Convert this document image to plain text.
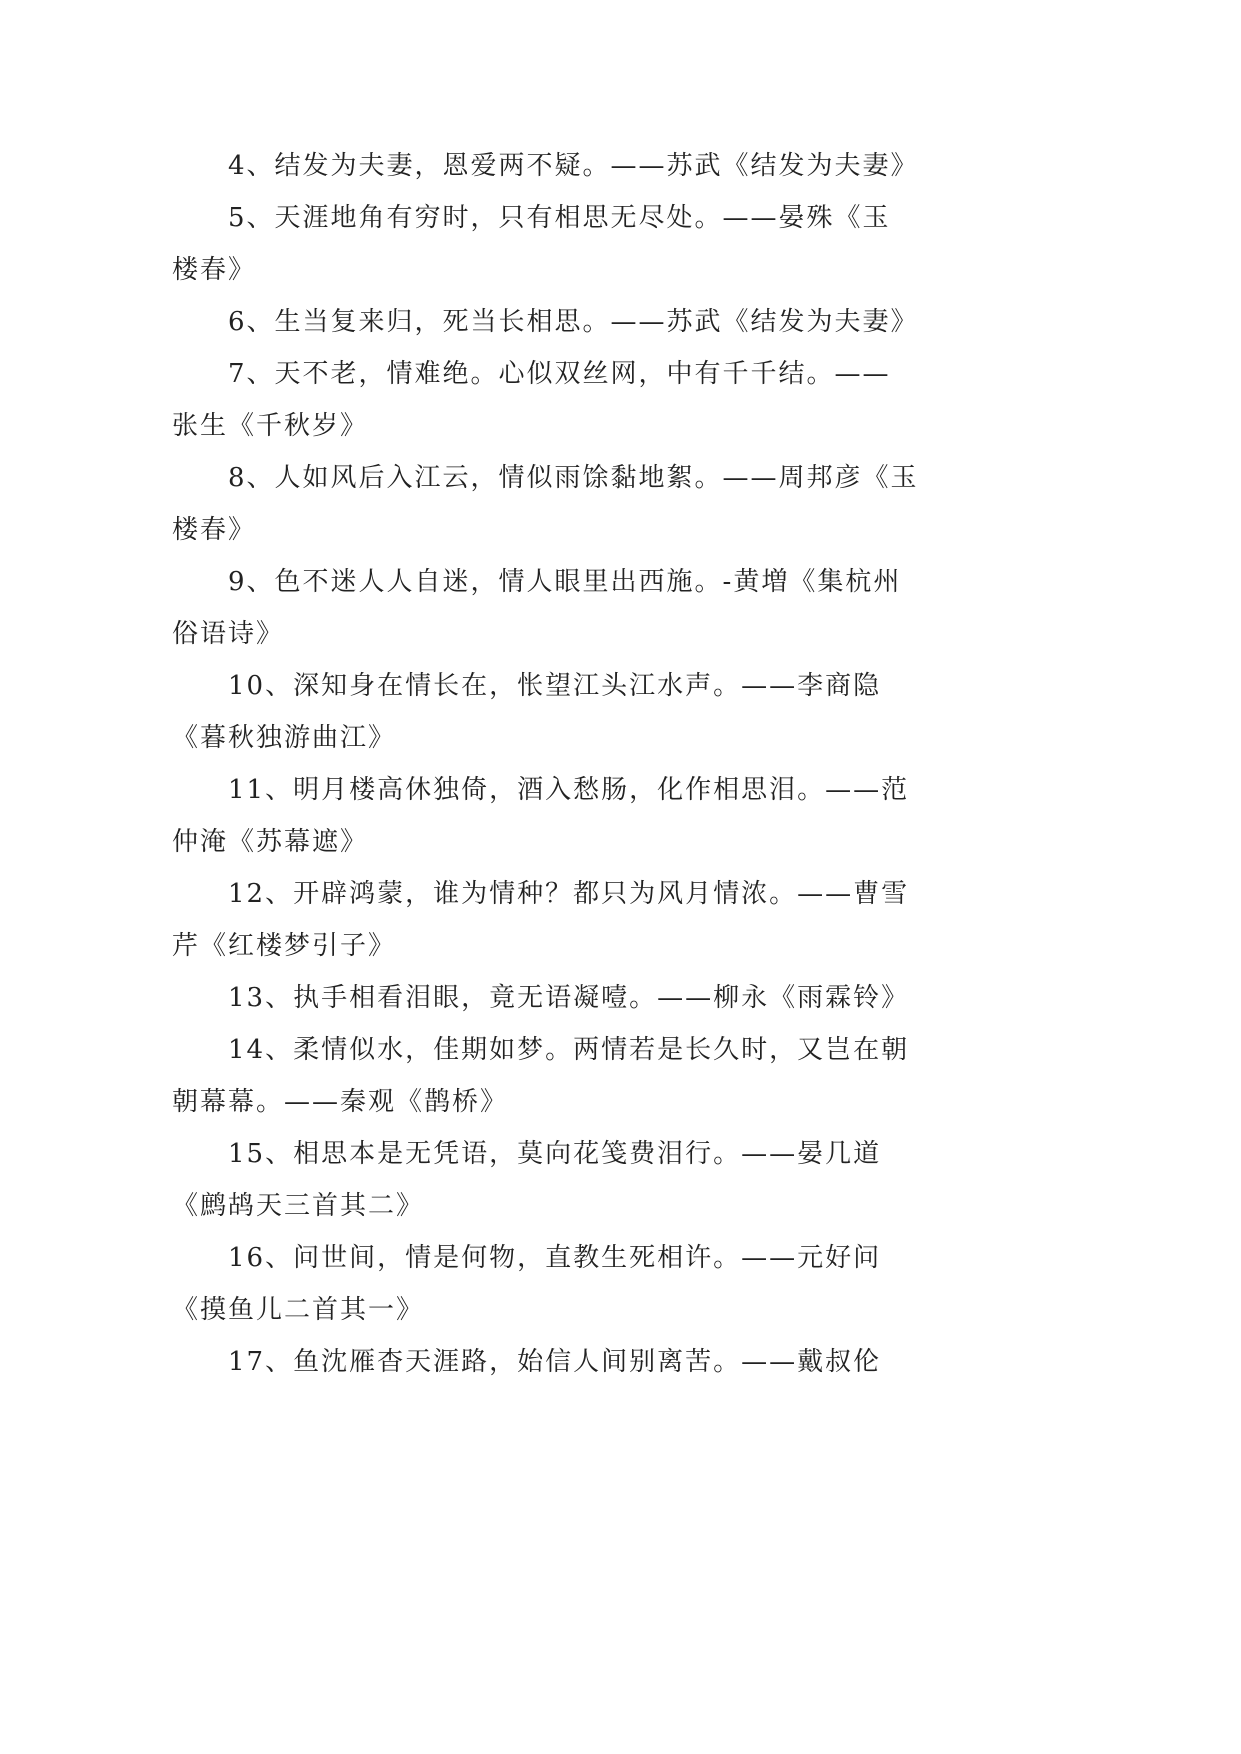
4、结发为夫妻，恩爱两不疑。——苏武《结发为夫妻》
5、天涯地角有穷时，只有相思无尽处。——晏殊《玉
楼春》
6、生当复来归，死当长相思。——苏武《结发为夫妻》
7、天不老，情难绝。心似双丝网，中有千千结。——
张生《千秋岁》
8、人如风后入江云，情似雨馀黏地絮。——周邦彦《玉
楼春》
9、色不迷人人自迷，情人眼里出西施。-黄増《集杭州
俗语诗》
10、深知身在情长在，怅望江头江水声。——李商隐
《暮秋独游曲江》
11、明月楼高休独倚，酒入愁肠，化作相思泪。——范
仲淹《苏幕遮》
12、开辟鸿蒙，谁为情种？都只为风月情浓。——曹雪
芹《红楼梦引子》
13、执手相看泪眼，竟无语凝噎。——柳永《雨霖铃》
14、柔情似水，佳期如梦。两情若是长久时，又岂在朝
朝幕幕。——秦观《鹊桥》
15、相思本是无凭语，莫向花笺费泪行。——晏几道
《鹧鸪天三首其二》
16、问世间，情是何物，直教生死相许。——元好问
《摸鱼儿二首其一》
17、鱼沈雁杳天涯路，始信人间别离苦。——戴叔伦
